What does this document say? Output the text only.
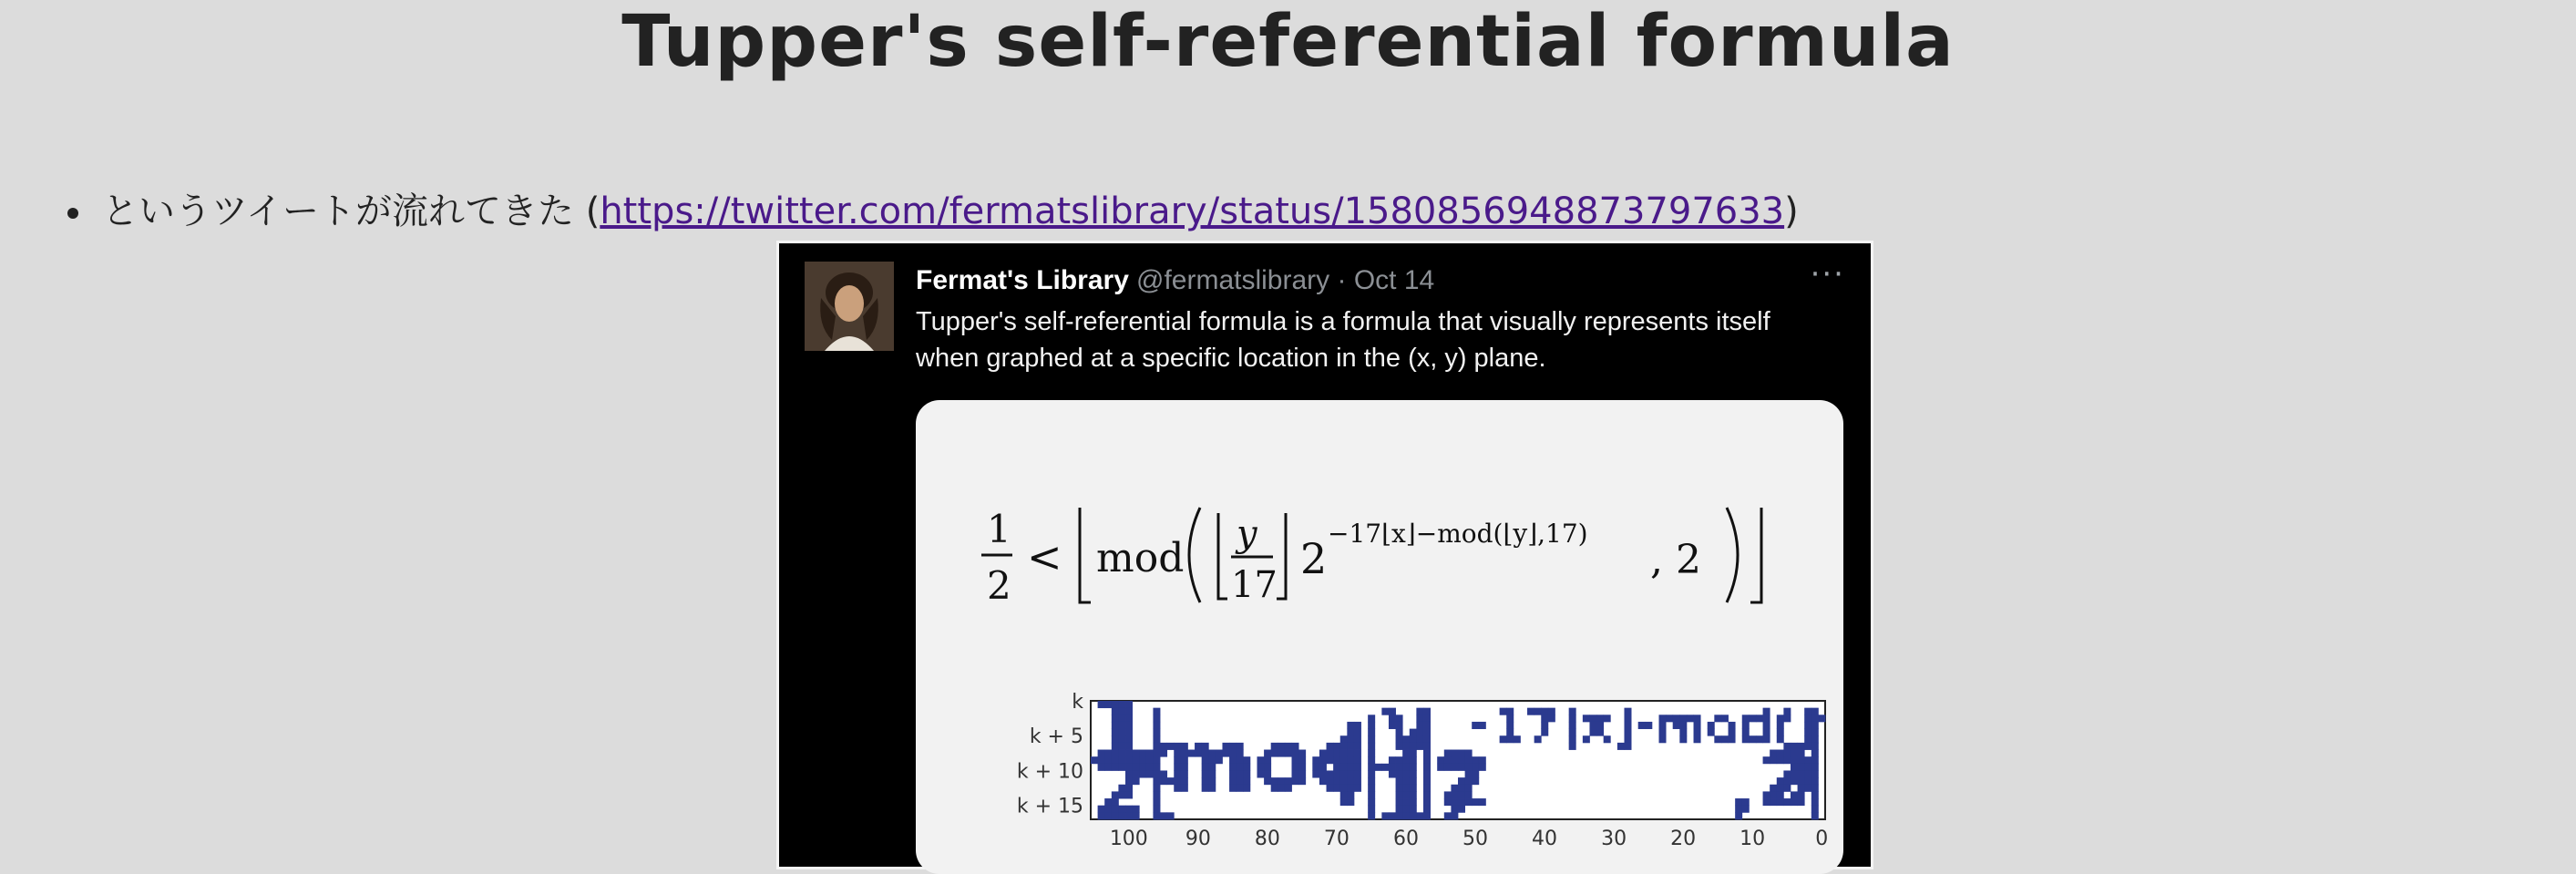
Tupper's self-referential formula
というツイートが流れてきた (https://twitter.com/fermatslibrary/status/1580856948873797633)
Fermat's Library @fermatslibrary · Oct 14	···
Tupper's self-referential formula is a formula that visually represents itself
when graphed at a specific location in the (x, y) plane.
1
2
< mod
y
17
2
−17⌊x⌋−mod(⌊y⌋,17)
, 2
k
k + 5
k + 10
k + 15
100 90 80 70 60 50 40 30 20 10	0
